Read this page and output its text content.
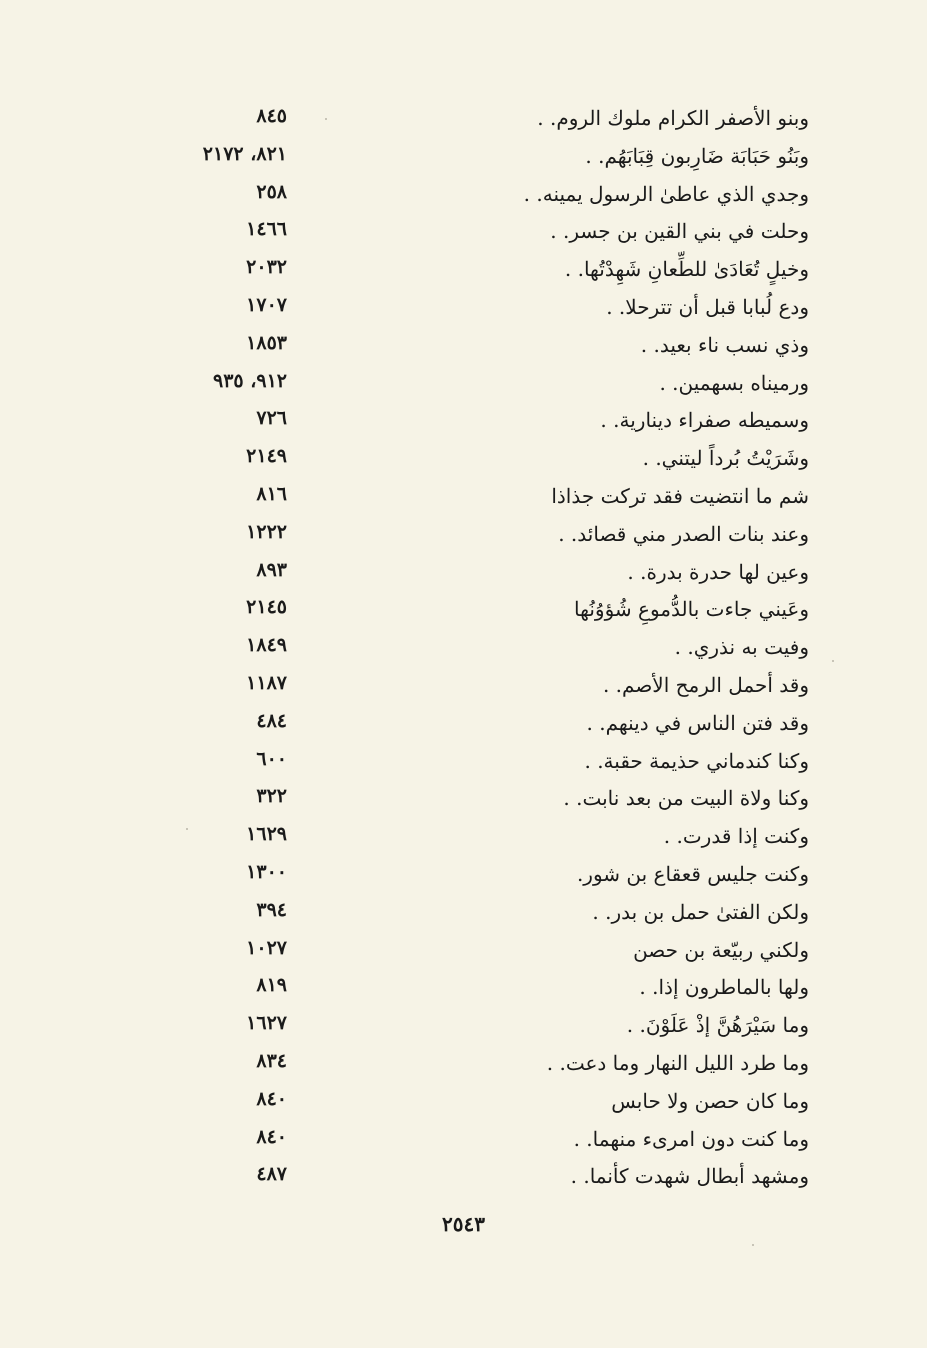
وبنو الأصفر الكرام ملوك الروم. .
٨٤٥
وبَنُو حَبَابَة ضَارِبون قِبَابَهُم. .
٨٢١، ٢١٧٢
وجدي الذي عاطىٰ الرسول يمينه. .
٢٥٨
وحلت في بني القين بن جسر. .
١٤٦٦
وخيلٍ تُعَادَىٰ للطِّعانِ شَهِدْتُها. .
٢٠٣٢
ودع لُبابا قبل أن تترحلا. .
١٧٠٧
وذي نسب ناء بعيد. .
١٨٥٣
ورميناه بسهمين. .
٩١٢، ٩٣٥
وسميطه صفراء دينارية. .
٧٢٦
وشَرَيْتُ بُرداً ليتني. .
٢١٤٩
شم ما انتضيت فقد تركت جذاذا
٨١٦
وعند بنات الصدر مني قصائد. .
١٢٢٢
وعين لها حدرة بدرة. .
٨٩٣
وعَيني جاءت بالدُّموعِ شُؤوُنُها
٢١٤٥
وفيت به نذري. .
١٨٤٩
وقد أحمل الرمح الأصم. .
١١٨٧
وقد فتن الناس في دينهم. .
٤٨٤
وكنا كندماني حذيمة حقبة. .
٦٠٠
وكنا ولاة البيت من بعد نابت. .
٣٢٢
وكنت إذا قدرت. .
١٦٢٩
وكنت جليس قعقاع بن شور.
١٣٠٠
ولكن الفتىٰ حمل بن بدر. .
٣٩٤
ولكني ربيّعة بن حصن
١٠٢٧
ولها بالماطرون إذا. .
٨١٩
وما سَيْرَهُنَّ إذْ عَلَوْنَ. .
١٦٢٧
وما طرد الليل النهار وما دعت. .
٨٣٤
وما كان حصن ولا حابس
٨٤٠
وما كنت دون امرىء منهما. .
٨٤٠
ومشهد أبطال شهدت كأنما. .
٤٨٧
٢٥٤٣
